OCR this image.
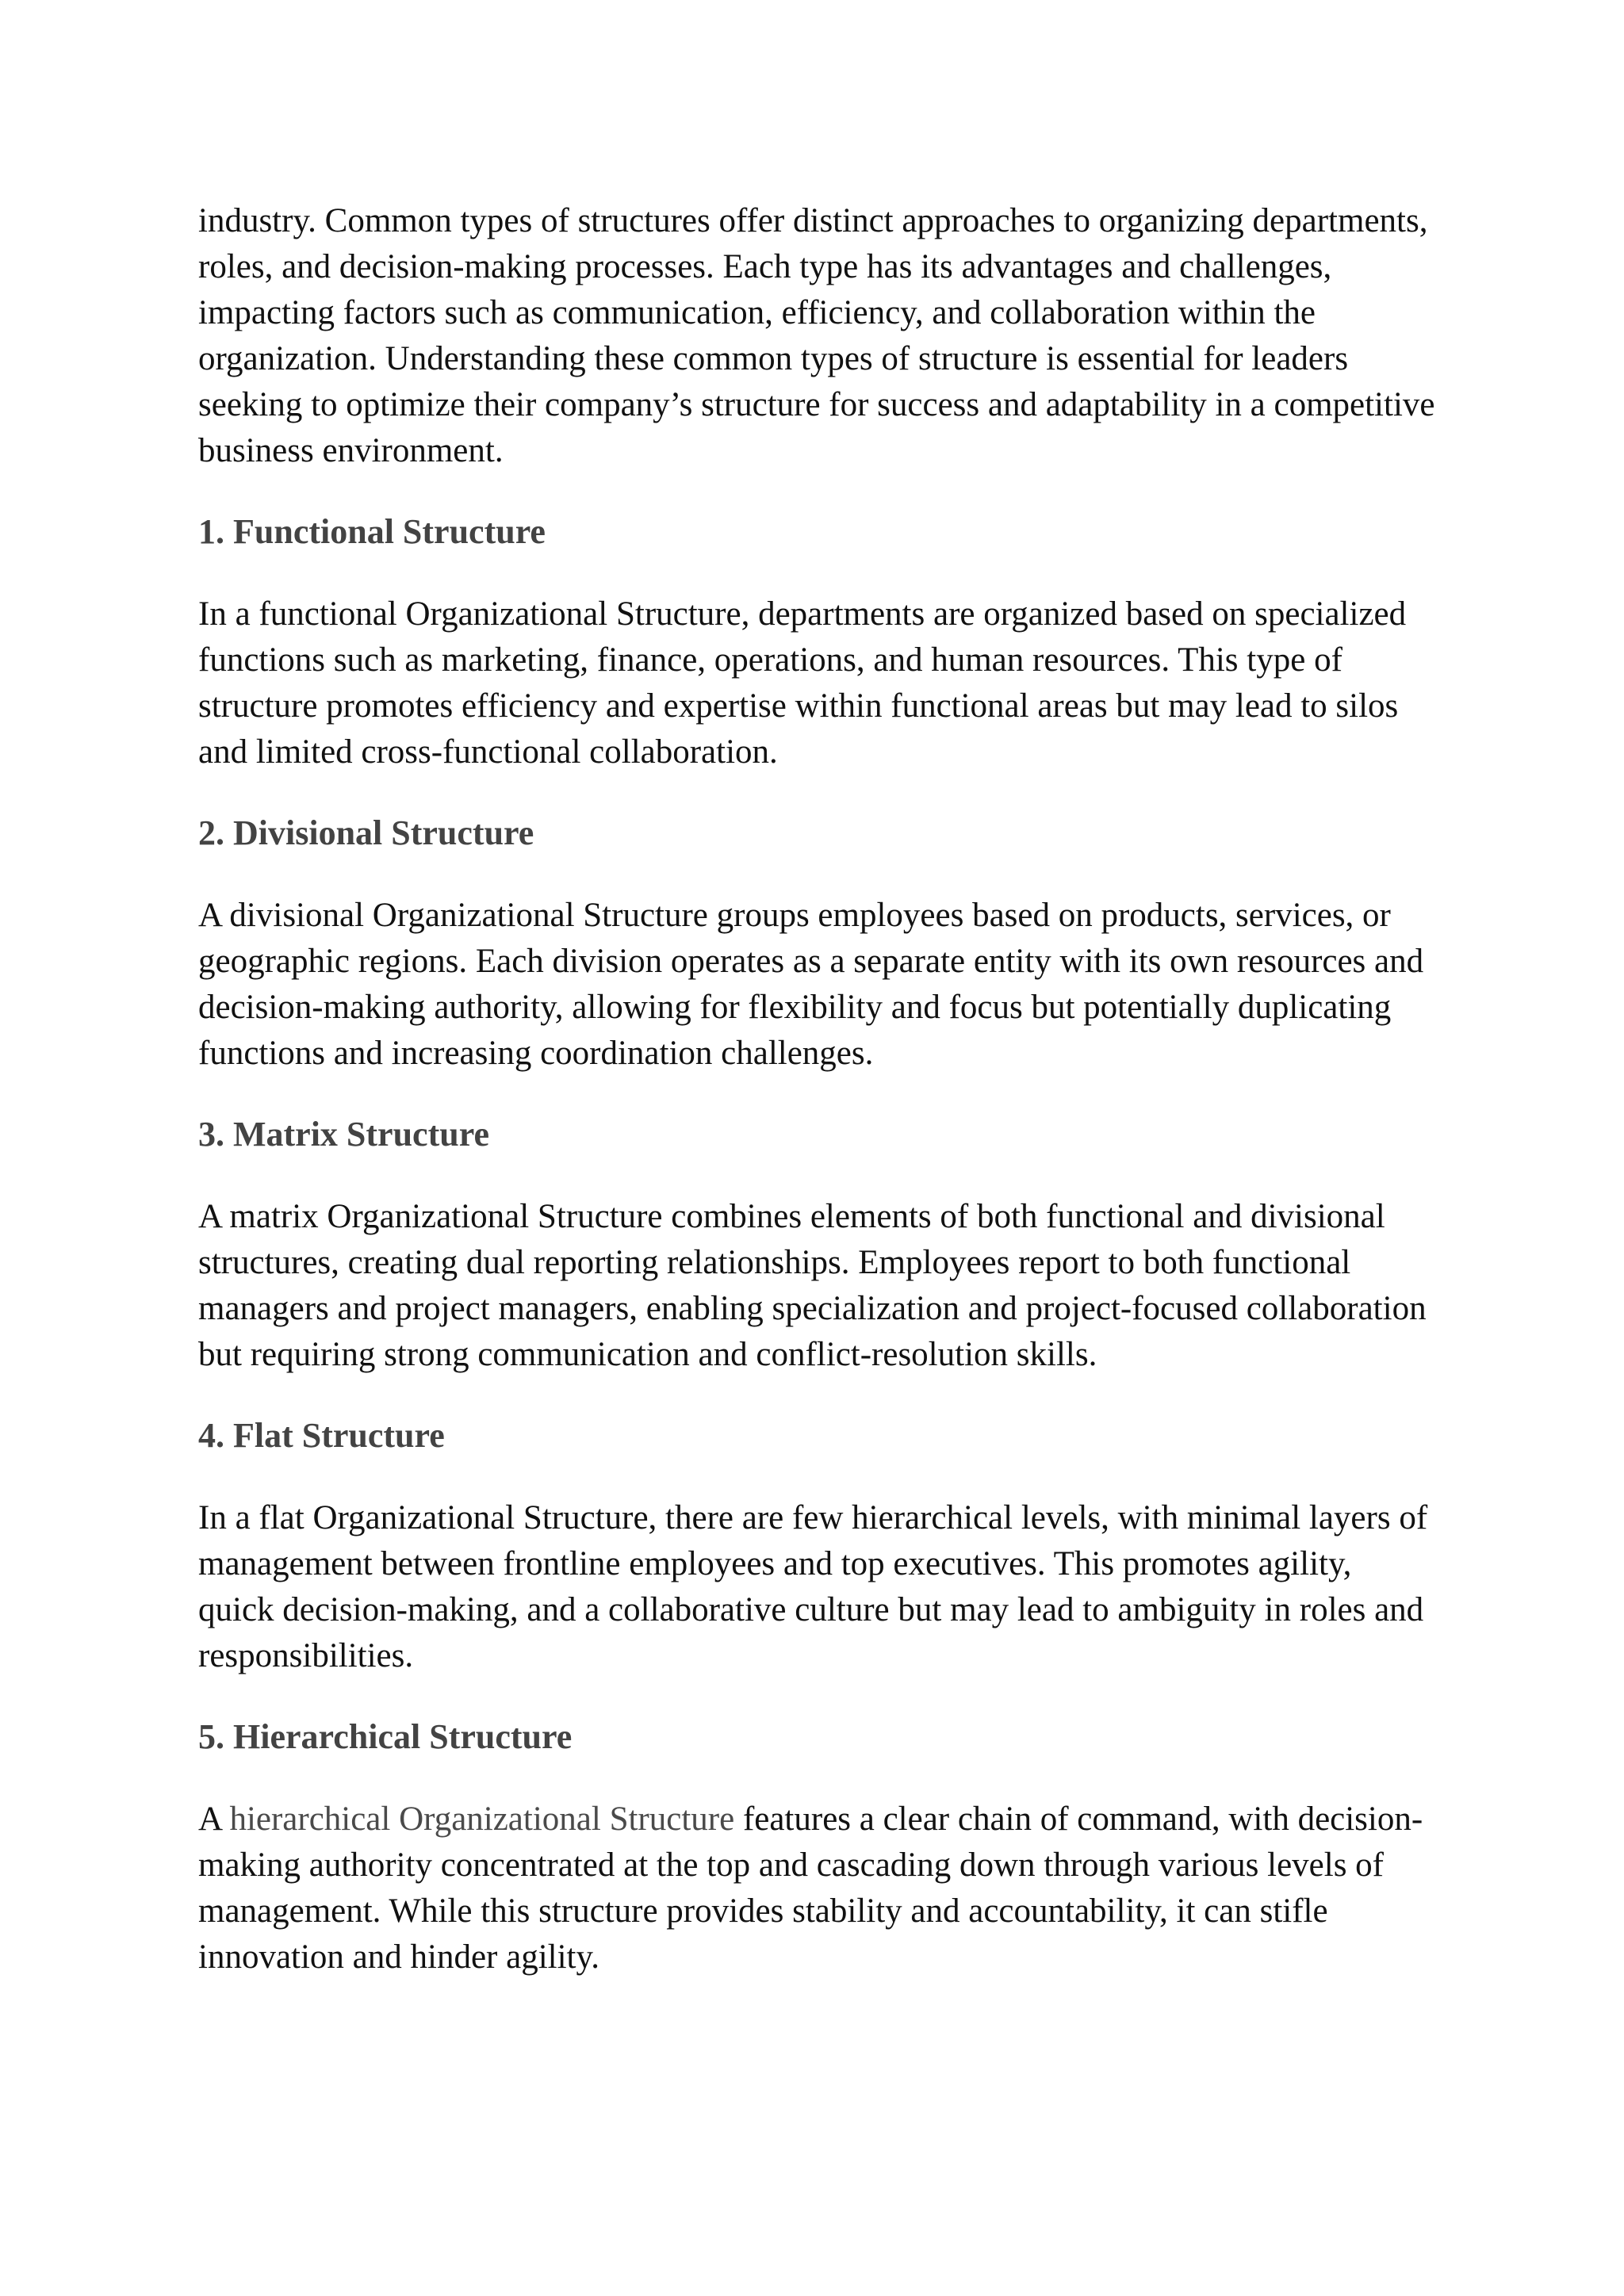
industry. Common types of structures offer distinct approaches to organizing departments, roles, and decision-making processes. Each type has its advantages and challenges, impacting factors such as communication, efficiency, and collaboration within the organization. Understanding these common types of structure is essential for leaders seeking to optimize their company’s structure for success and adaptability in a competitive business environment.

1. Functional Structure

In a functional Organizational Structure, departments are organized based on specialized functions such as marketing, finance, operations, and human resources. This type of structure promotes efficiency and expertise within functional areas but may lead to silos and limited cross-functional collaboration.

2. Divisional Structure

A divisional Organizational Structure groups employees based on products, services, or geographic regions. Each division operates as a separate entity with its own resources and decision-making authority, allowing for flexibility and focus but potentially duplicating functions and increasing coordination challenges.

3. Matrix Structure

A matrix Organizational Structure combines elements of both functional and divisional structures, creating dual reporting relationships. Employees report to both functional managers and project managers, enabling specialization and project-focused collaboration but requiring strong communication and conflict-resolution skills.

4. Flat Structure

In a flat Organizational Structure, there are few hierarchical levels, with minimal layers of management between frontline employees and top executives. This promotes agility, quick decision-making, and a collaborative culture but may lead to ambiguity in roles and responsibilities.

5. Hierarchical Structure

A hierarchical Organizational Structure features a clear chain of command, with decision-making authority concentrated at the top and cascading down through various levels of management. While this structure provides stability and accountability, it can stifle innovation and hinder agility.
